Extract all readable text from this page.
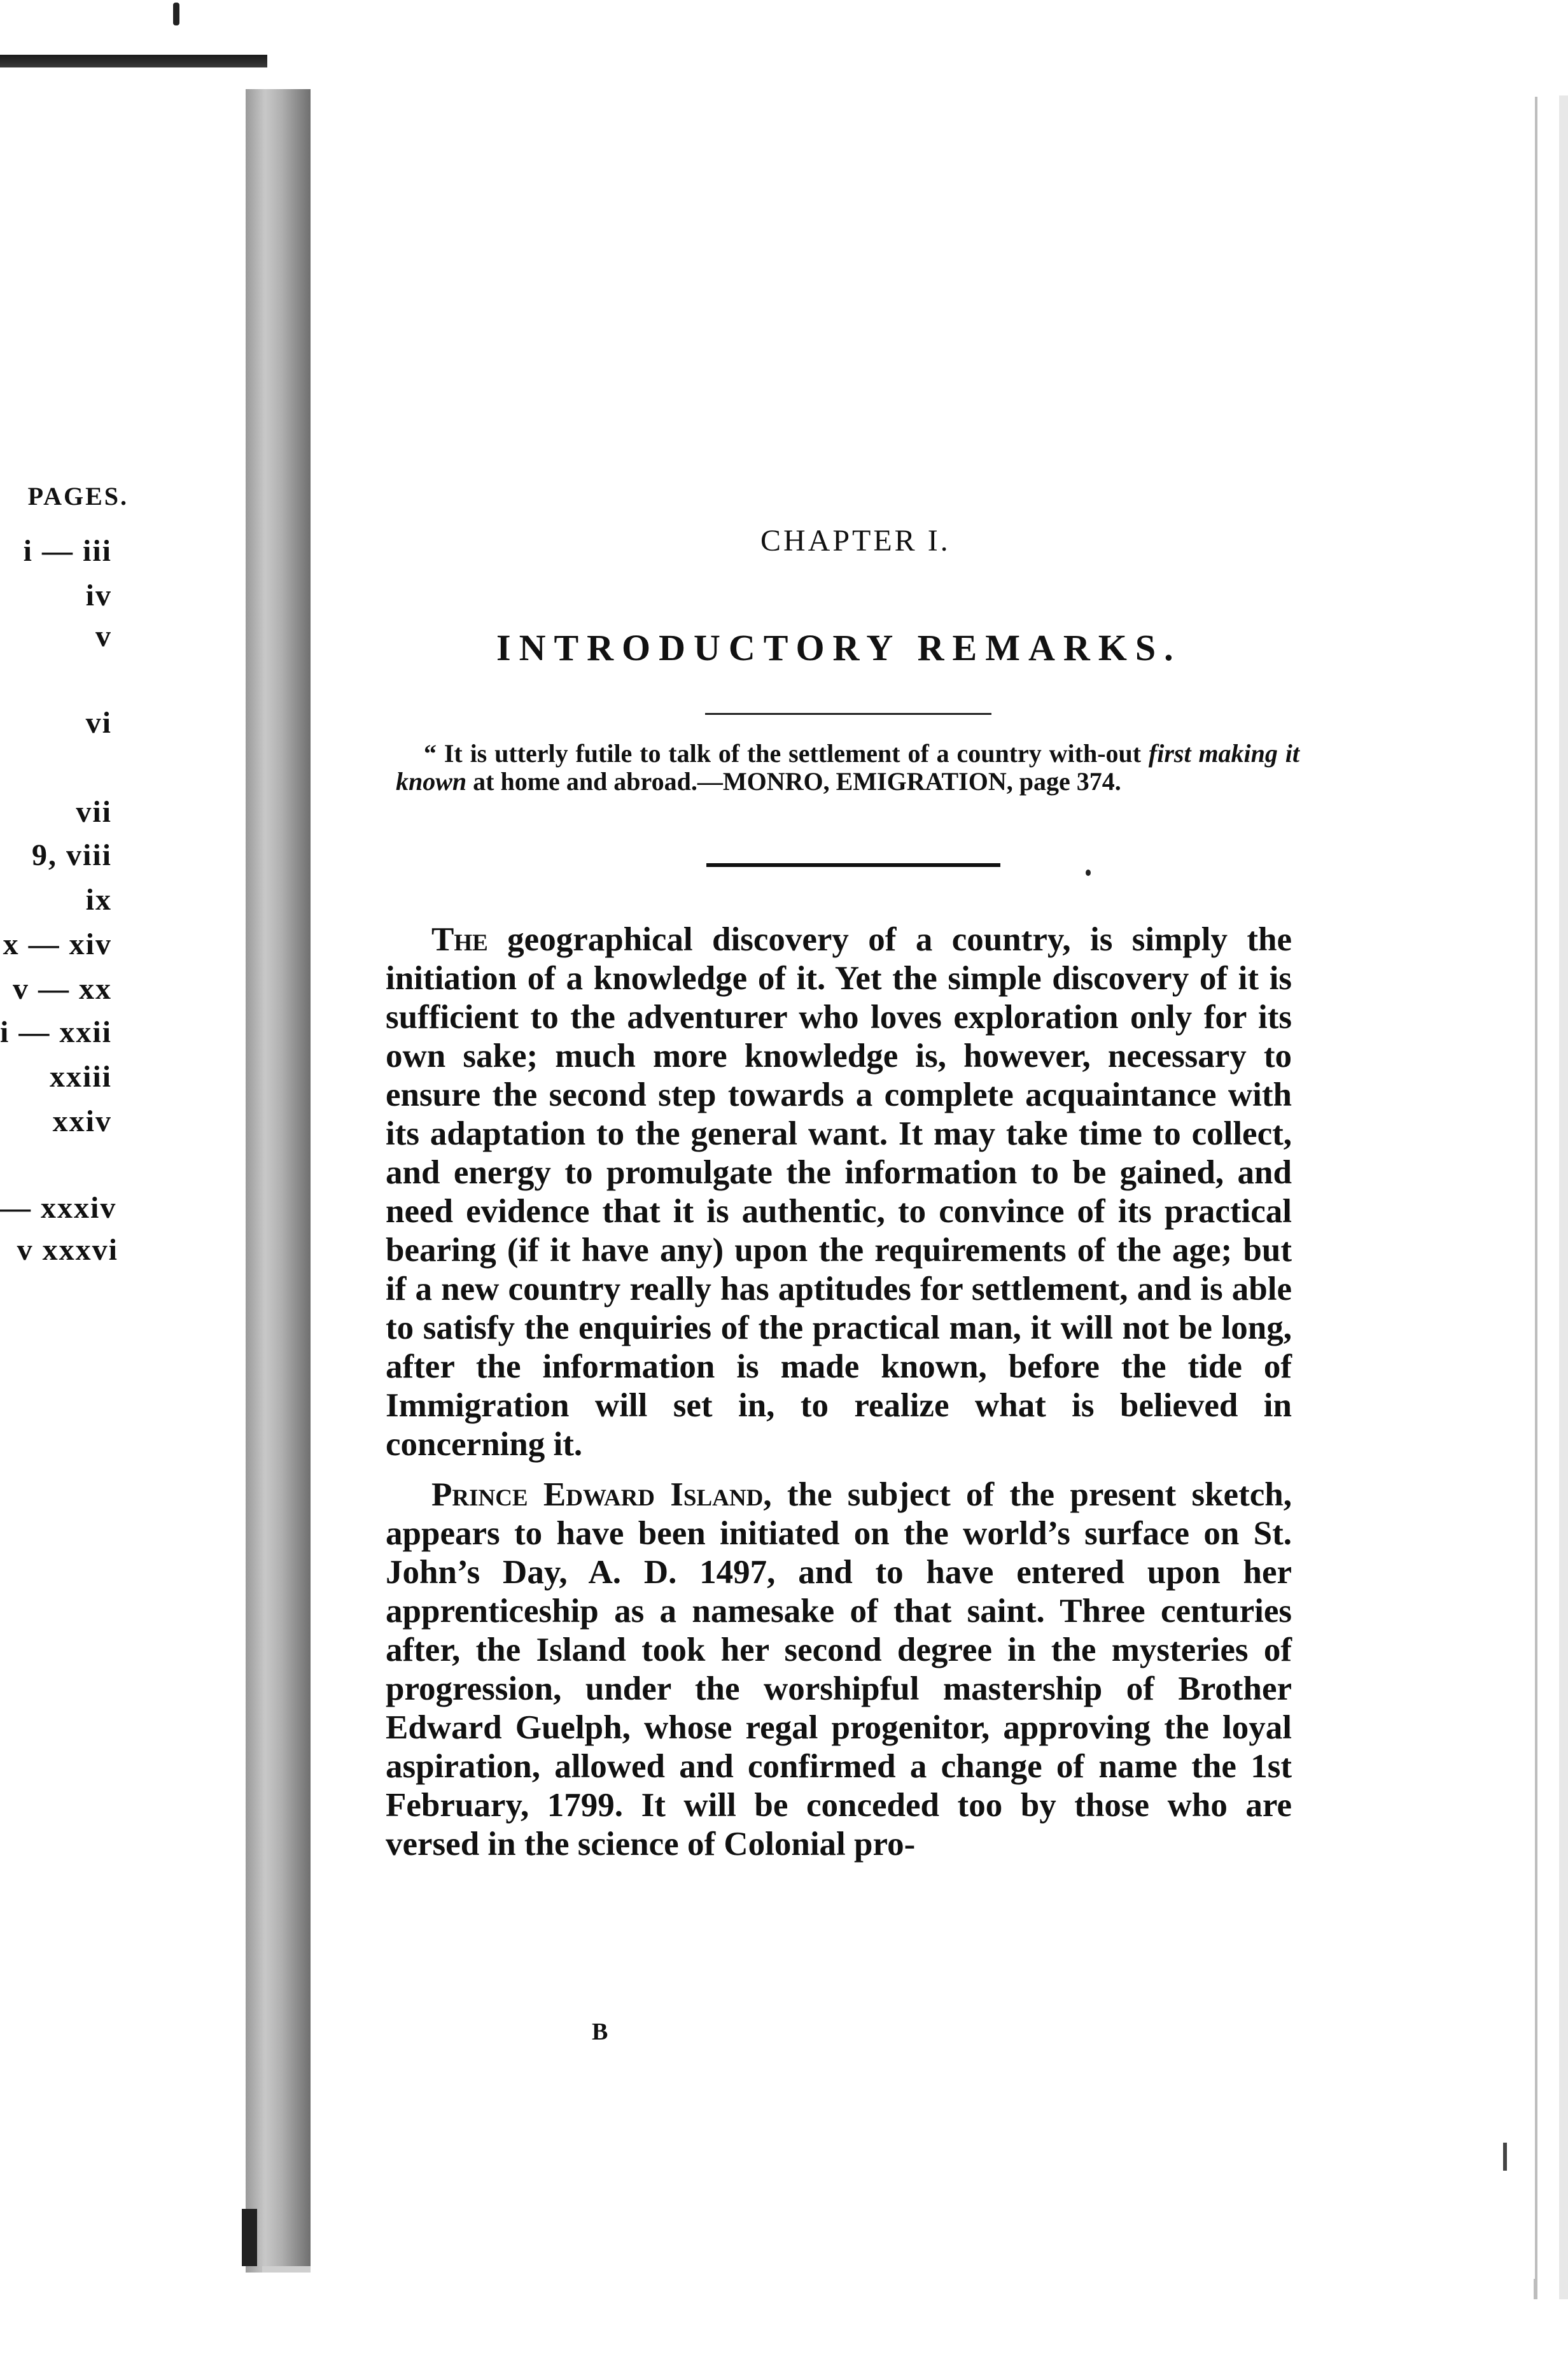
PAGES.
i — iii
iv
v
vi
vii
9, viii
ix
x — xiv
v — xx
i — xxii
xxiii
xxiv
— xxxiv
v xxxvi
CHAPTER I.
INTRODUCTORY REMARKS.
“ It is utterly futile to talk of the settlement of a country with-out first making it known at home and abroad.—MONRO, EMIGRATION, page 374.

The geographical discovery of a country, is simply the initiation of a knowledge of it. Yet the simple discovery of it is sufficient to the adventurer who loves exploration only for its own sake; much more knowledge is, however, necessary to ensure the second step towards a complete acquaintance with its adaptation to the general want. It may take time to collect, and energy to promulgate the information to be gained, and need evidence that it is authentic, to convince of its practical bearing (if it have any) upon the requirements of the age; but if a new country really has aptitudes for settlement, and is able to satisfy the enquiries of the practical man, it will not be long, after the information is made known, before the tide of Immigration will set in, to realize what is believed in concerning it.

Prince Edward Island, the subject of the present sketch, appears to have been initiated on the world’s surface on St. John’s Day, A. D. 1497, and to have entered upon her apprenticeship as a namesake of that saint. Three centuries after, the Island took her second degree in the mysteries of progression, under the worshipful mastership of Brother Edward Guelph, whose regal progenitor, approving the loyal aspiration, allowed and confirmed a change of name the 1st February, 1799. It will be conceded too by those who are versed in the science of Colonial pro-

B
